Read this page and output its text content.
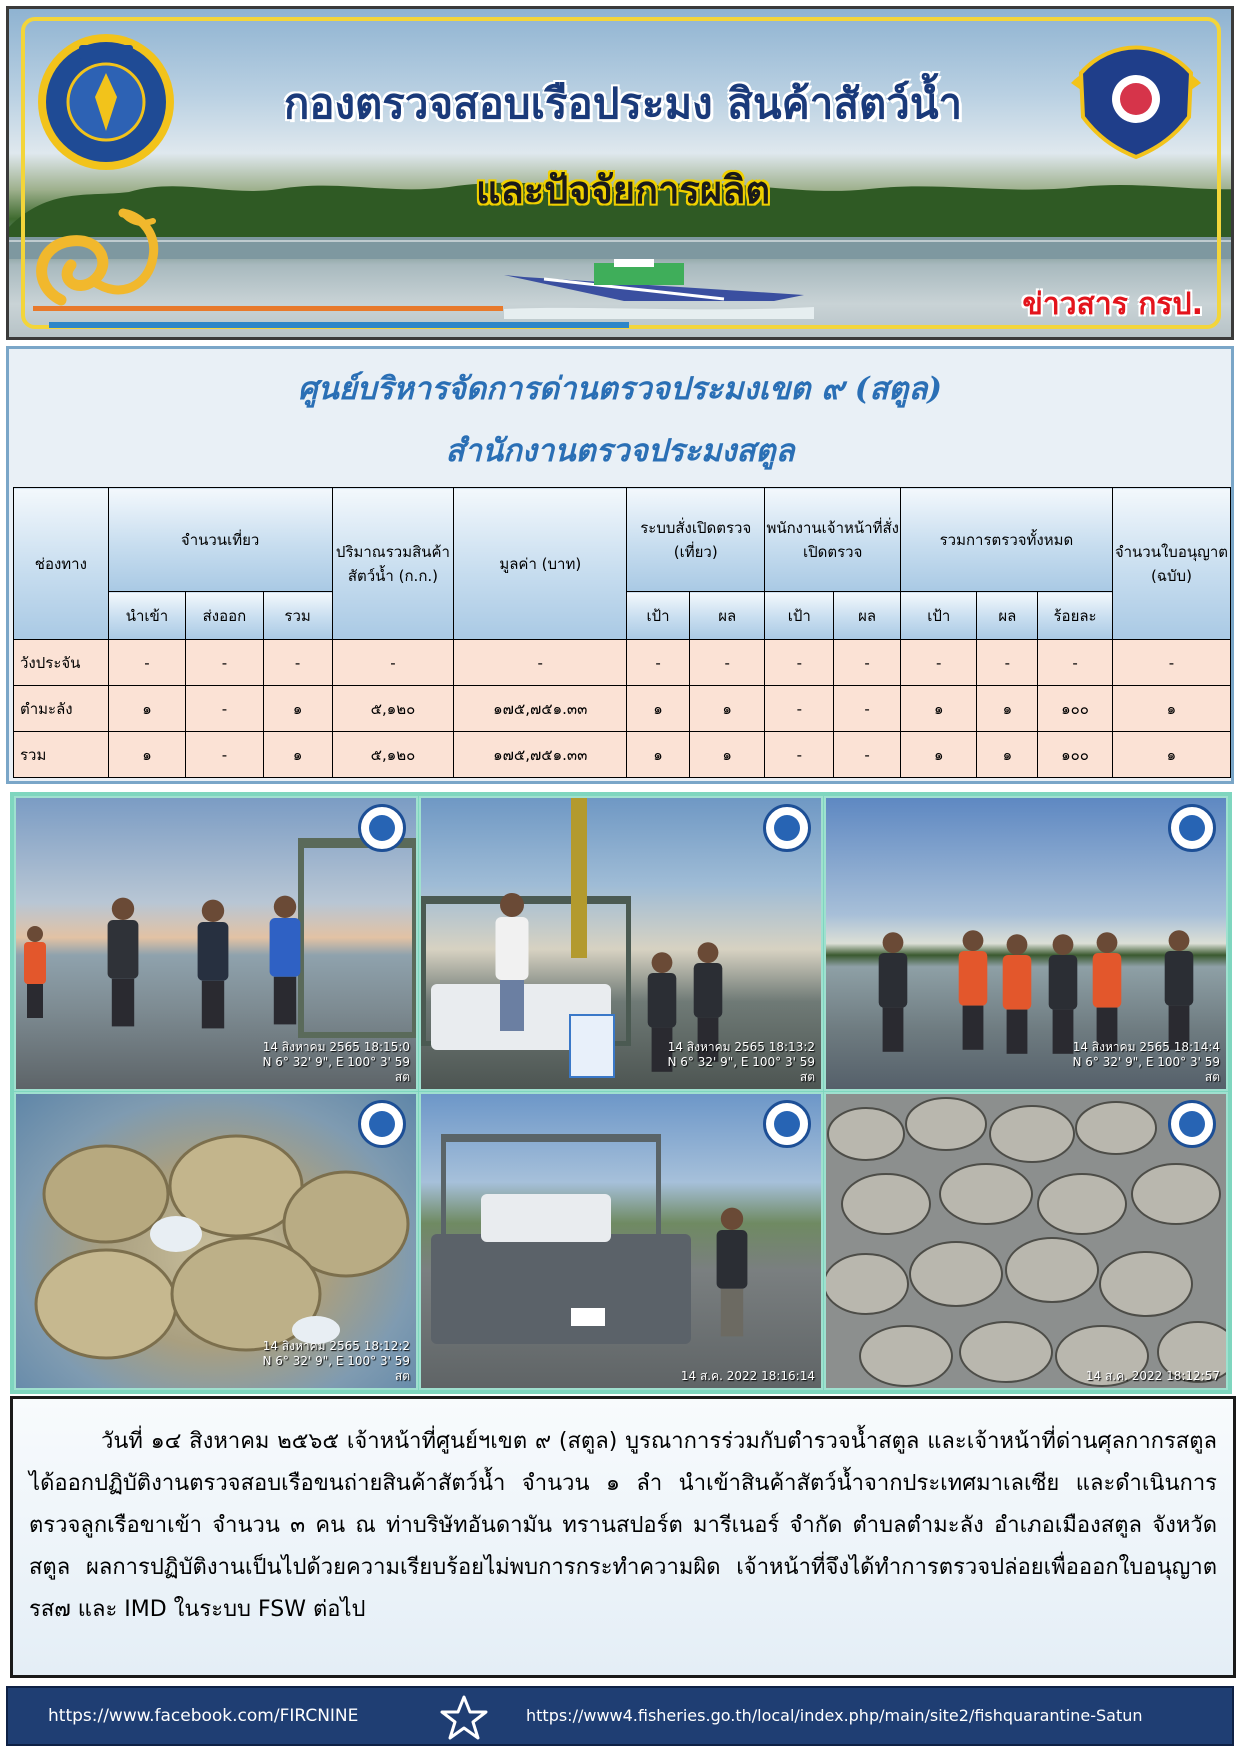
กองตรวจสอบเรือประมง สินค้าสัตว์น้ำ
และปัจจัยการผลิต
ข่าวสาร กรป.
ศูนย์บริหารจัดการด่านตรวจประมงเขต ๙ (สตูล)
สำนักงานตรวจประมงสตูล
ช่องทาง	จำนวนเที่ยว			ปริมาณรวมสินค้าสัตว์น้ำ (ก.ก.)	มูลค่า (บาท)	ระบบสั่งเปิดตรวจ (เที่ยว)		พนักงานเจ้าหน้าที่สั่งเปิดตรวจ		รวมการตรวจทั้งหมด			จำนวนใบอนุญาต (ฉบับ)
	นำเข้า	ส่งออก	รวม			เป้า	ผล	เป้า	ผล	เป้า	ผล	ร้อยละ	
วังประจัน	-	-	-	-	-	-	-	-	-	-	-	-	-
ตำมะลัง	๑	-	๑	๕,๑๒๐	๑๗๕,๗๕๑.๓๓	๑	๑	-	-	๑	๑	๑๐๐	๑
รวม	๑	-	๑	๕,๑๒๐	๑๗๕,๗๕๑.๓๓	๑	๑	-	-	๑	๑	๑๐๐	๑
14 สิงหาคม 2565 18:15:0
N 6° 32' 9", E 100° 3' 59
สต
14 สิงหาคม 2565 18:13:2
N 6° 32' 9", E 100° 3' 59
สต
14 สิงหาคม 2565 18:14:4
N 6° 32' 9", E 100° 3' 59
สต
14 สิงหาคม 2565 18:12:2
N 6° 32' 9", E 100° 3' 59
สต	14 ส.ค. 2022 18:16:14	14 ส.ค. 2022 18:12:57

วันที่ ๑๔ สิงหาคม ๒๕๖๕ เจ้าหน้าที่ศูนย์ฯเขต ๙ (สตูล) บูรณาการร่วมกับตำรวจน้ำสตูล และเจ้าหน้าที่ด่านศุลกากรสตูล ได้ออกปฏิบัติงานตรวจสอบเรือขนถ่ายสินค้าสัตว์น้ำ จำนวน ๑ ลำ นำเข้าสินค้าสัตว์น้ำจากประเทศมาเลเซีย และดำเนินการตรวจลูกเรือขาเข้า จำนวน ๓ คน ณ ท่าบริษัทอันดามัน ทรานสปอร์ต มารีเนอร์ จำกัด ตำบลตำมะลัง อำเภอเมืองสตูล จังหวัดสตูล ผลการปฏิบัติงานเป็นไปด้วยความเรียบร้อยไม่พบการกระทำความผิด เจ้าหน้าที่จึงได้ทำการตรวจปล่อยเพื่อออกใบอนุญาต รส๗ และ IMD ในระบบ FSW ต่อไป

https://www.facebook.com/FIRCNINE	https://www4.fisheries.go.th/local/index.php/main/site2/fishquarantine-Satun
